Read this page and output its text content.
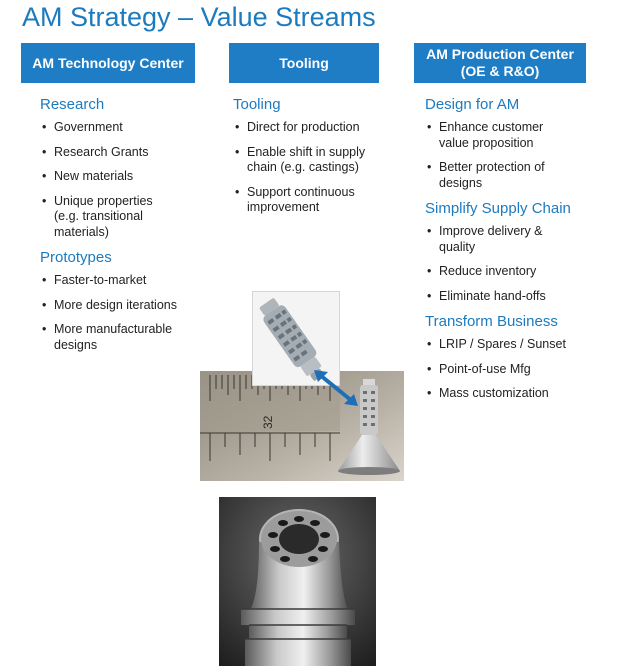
AM Strategy – Value Streams
AM Technology Center	Tooling
AM Production Center (OE & R&O)
Research
• Government
• Research Grants
• New materials
• Unique properties (e.g. transitional materials)
Prototypes
• Faster-to-market
• More design iterations
• More manufacturable designs
Tooling
• Direct for production
• Enable shift in supply chain (e.g. castings)
• Support continuous improvement
Design for AM
• Enhance customer value proposition
• Better protection of designs
Simplify Supply Chain
• Improve delivery & quality
• Reduce inventory
• Eliminate hand-offs
Transform Business
• LRIP / Spares / Sunset
• Point-of-use Mfg
• Mass customization
32
